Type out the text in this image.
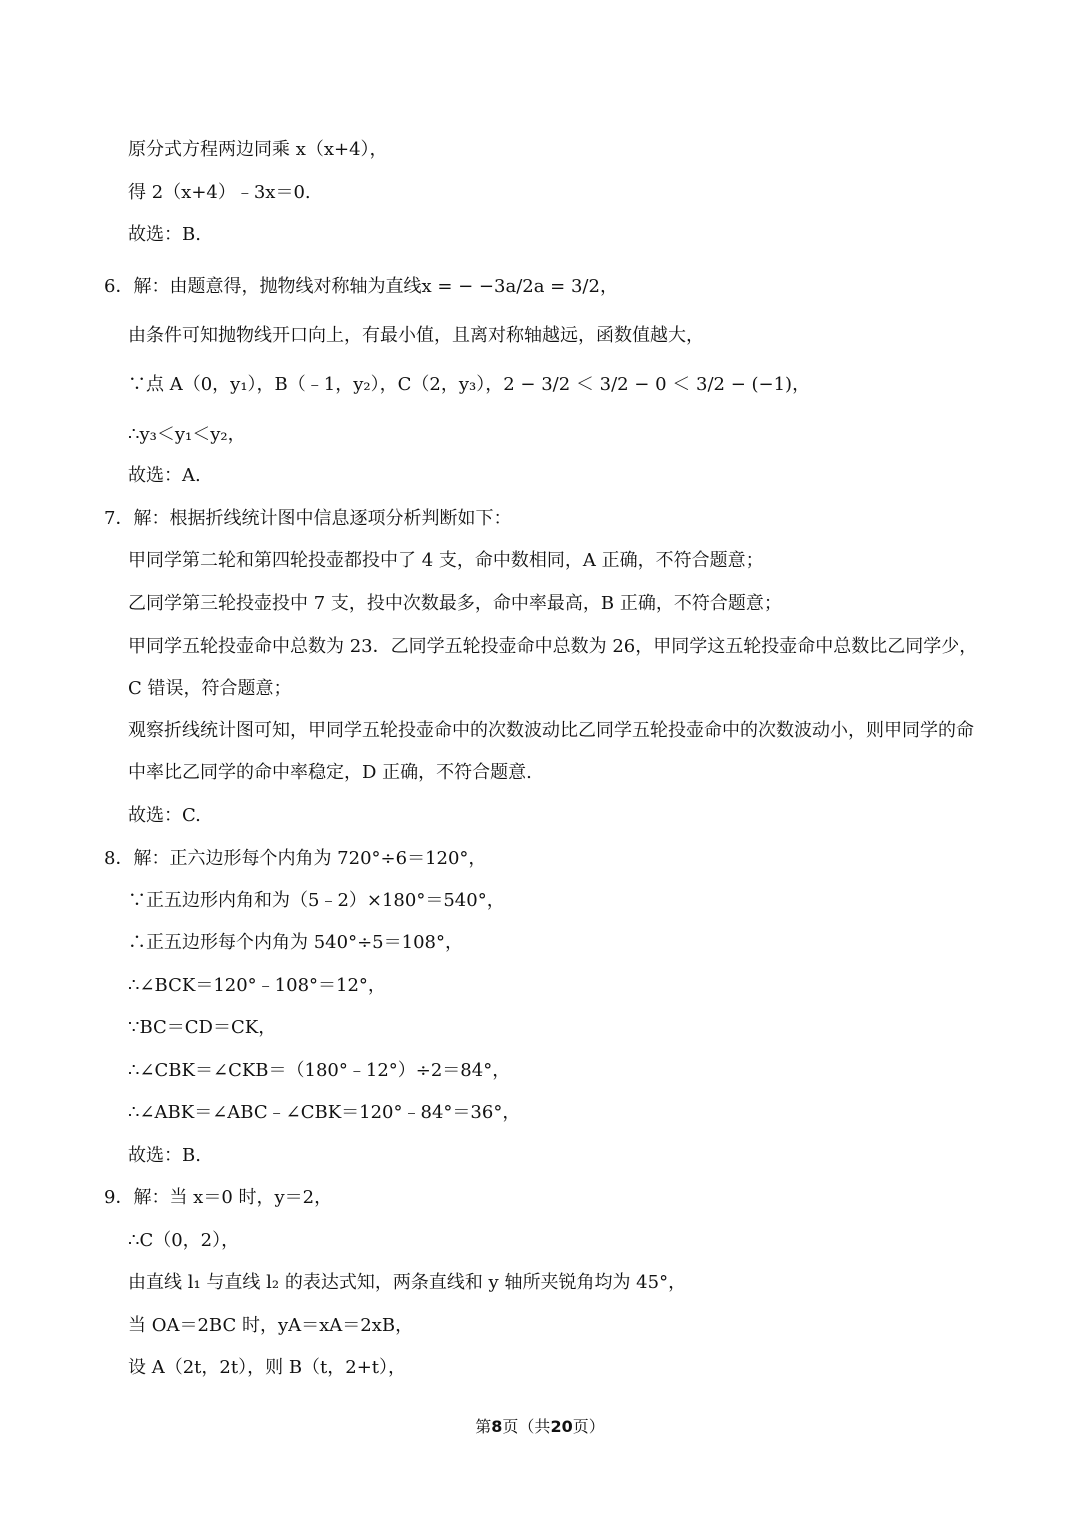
原分式方程两边同乘 x（x+4），
得 2（x+4）﹣3x＝0.
故选：B.
6．解：由题意得，抛物线对称轴为直线x = − −3a/2a = 3/2，
由条件可知抛物线开口向上，有最小值，且离对称轴越远，函数值越大，
∵点 A（0，y₁），B（﹣1，y₂），C（2，y₃），2 − 3/2 ＜ 3/2 − 0 ＜ 3/2 − (−1)，
∴y₃＜y₁＜y₂，
故选：A.
7．解：根据折线统计图中信息逐项分析判断如下：
甲同学第二轮和第四轮投壶都投中了 4 支，命中数相同，A 正确，不符合题意；
乙同学第三轮投壶投中 7 支，投中次数最多，命中率最高，B 正确，不符合题意；
甲同学五轮投壶命中总数为 23．乙同学五轮投壶命中总数为 26，甲同学这五轮投壶命中总数比乙同学少，C 错误，符合题意；
观察折线统计图可知，甲同学五轮投壶命中的次数波动比乙同学五轮投壶命中的次数波动小，则甲同学的命中率比乙同学的命中率稳定，D 正确，不符合题意.
故选：C.
8．解：正六边形每个内角为 720°÷6＝120°，
∵正五边形内角和为（5﹣2）×180°＝540°，
∴正五边形每个内角为 540°÷5＝108°，
∴∠BCK＝120°﹣108°＝12°，
∵BC＝CD＝CK，
∴∠CBK＝∠CKB＝（180°﹣12°）÷2＝84°，
∴∠ABK＝∠ABC﹣∠CBK＝120°﹣84°＝36°，
故选：B.
9．解：当 x＝0 时，y＝2，
∴C（0，2），
由直线 l₁ 与直线 l₂ 的表达式知，两条直线和 y 轴所夹锐角均为 45°，
当 OA＝2BC 时，yA＝xA＝2xB，
设 A（2t，2t），则 B（t，2+t），
第8页（共20页）
